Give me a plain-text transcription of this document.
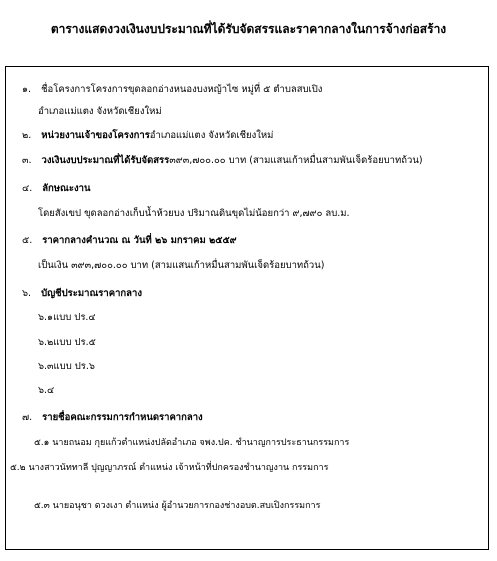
ตารางแสดงวงเงินงบประมาณที่ได้รับจัดสรรและราคากลางในการจ้างก่อสร้าง
๑. ชื่อโครงการโครงการขุดลอกอ่างหนองบงหญ้าไซ หมู่ที่ ๕ ตำบลสบเปิง
อำเภอแม่แตง จังหวัดเชียงใหม่
๒. หน่วยงานเจ้าของโครงการอำเภอแม่แตง จังหวัดเชียงใหม่
๓. วงเงินงบประมาณที่ได้รับจัดสรร๓๙๓,๗๐๐.๐๐ บาท (สามแสนเก้าหมื่นสามพันเจ็ดร้อยบาทถ้วน)
๔. ลักษณะงาน
โดยสังเขป ขุดลอกอ่างเก็บน้ำห้วยบง ปริมาณดินขุดไม่น้อยกว่า ๙,๗๙๐ ลบ.ม.
๕. ราคากลางคำนวณ ณ วันที่ ๒๖ มกราคม ๒๕๕๙
เป็นเงิน ๓๙๓,๗๐๐.๐๐ บาท (สามแสนเก้าหมื่นสามพันเจ็ดร้อยบาทถ้วน)
๖. บัญชีประมาณราคากลาง
๖.๑แบบ ปร.๔
๖.๒แบบ ปร.๕
๖.๓แบบ ปร.๖
๖.๔
๗. รายชื่อคณะกรรมการกำหนดราคากลาง
๕.๑ นายถนอม กุยแก้วตำแหน่งปลัดอำเภอ จพง.ปค. ชำนาญการประธานกรรมการ
๕.๒ นางสาวนัททาลี ปุญญาภรณ์ ตำแหน่ง เจ้าหน้าที่ปกครองชำนาญงาน กรรมการ
๕.๓ นายอนุชา ดวงเงา ตำแหน่ง ผู้อำนวยการกองช่างอบต.สบเปิงกรรมการ
